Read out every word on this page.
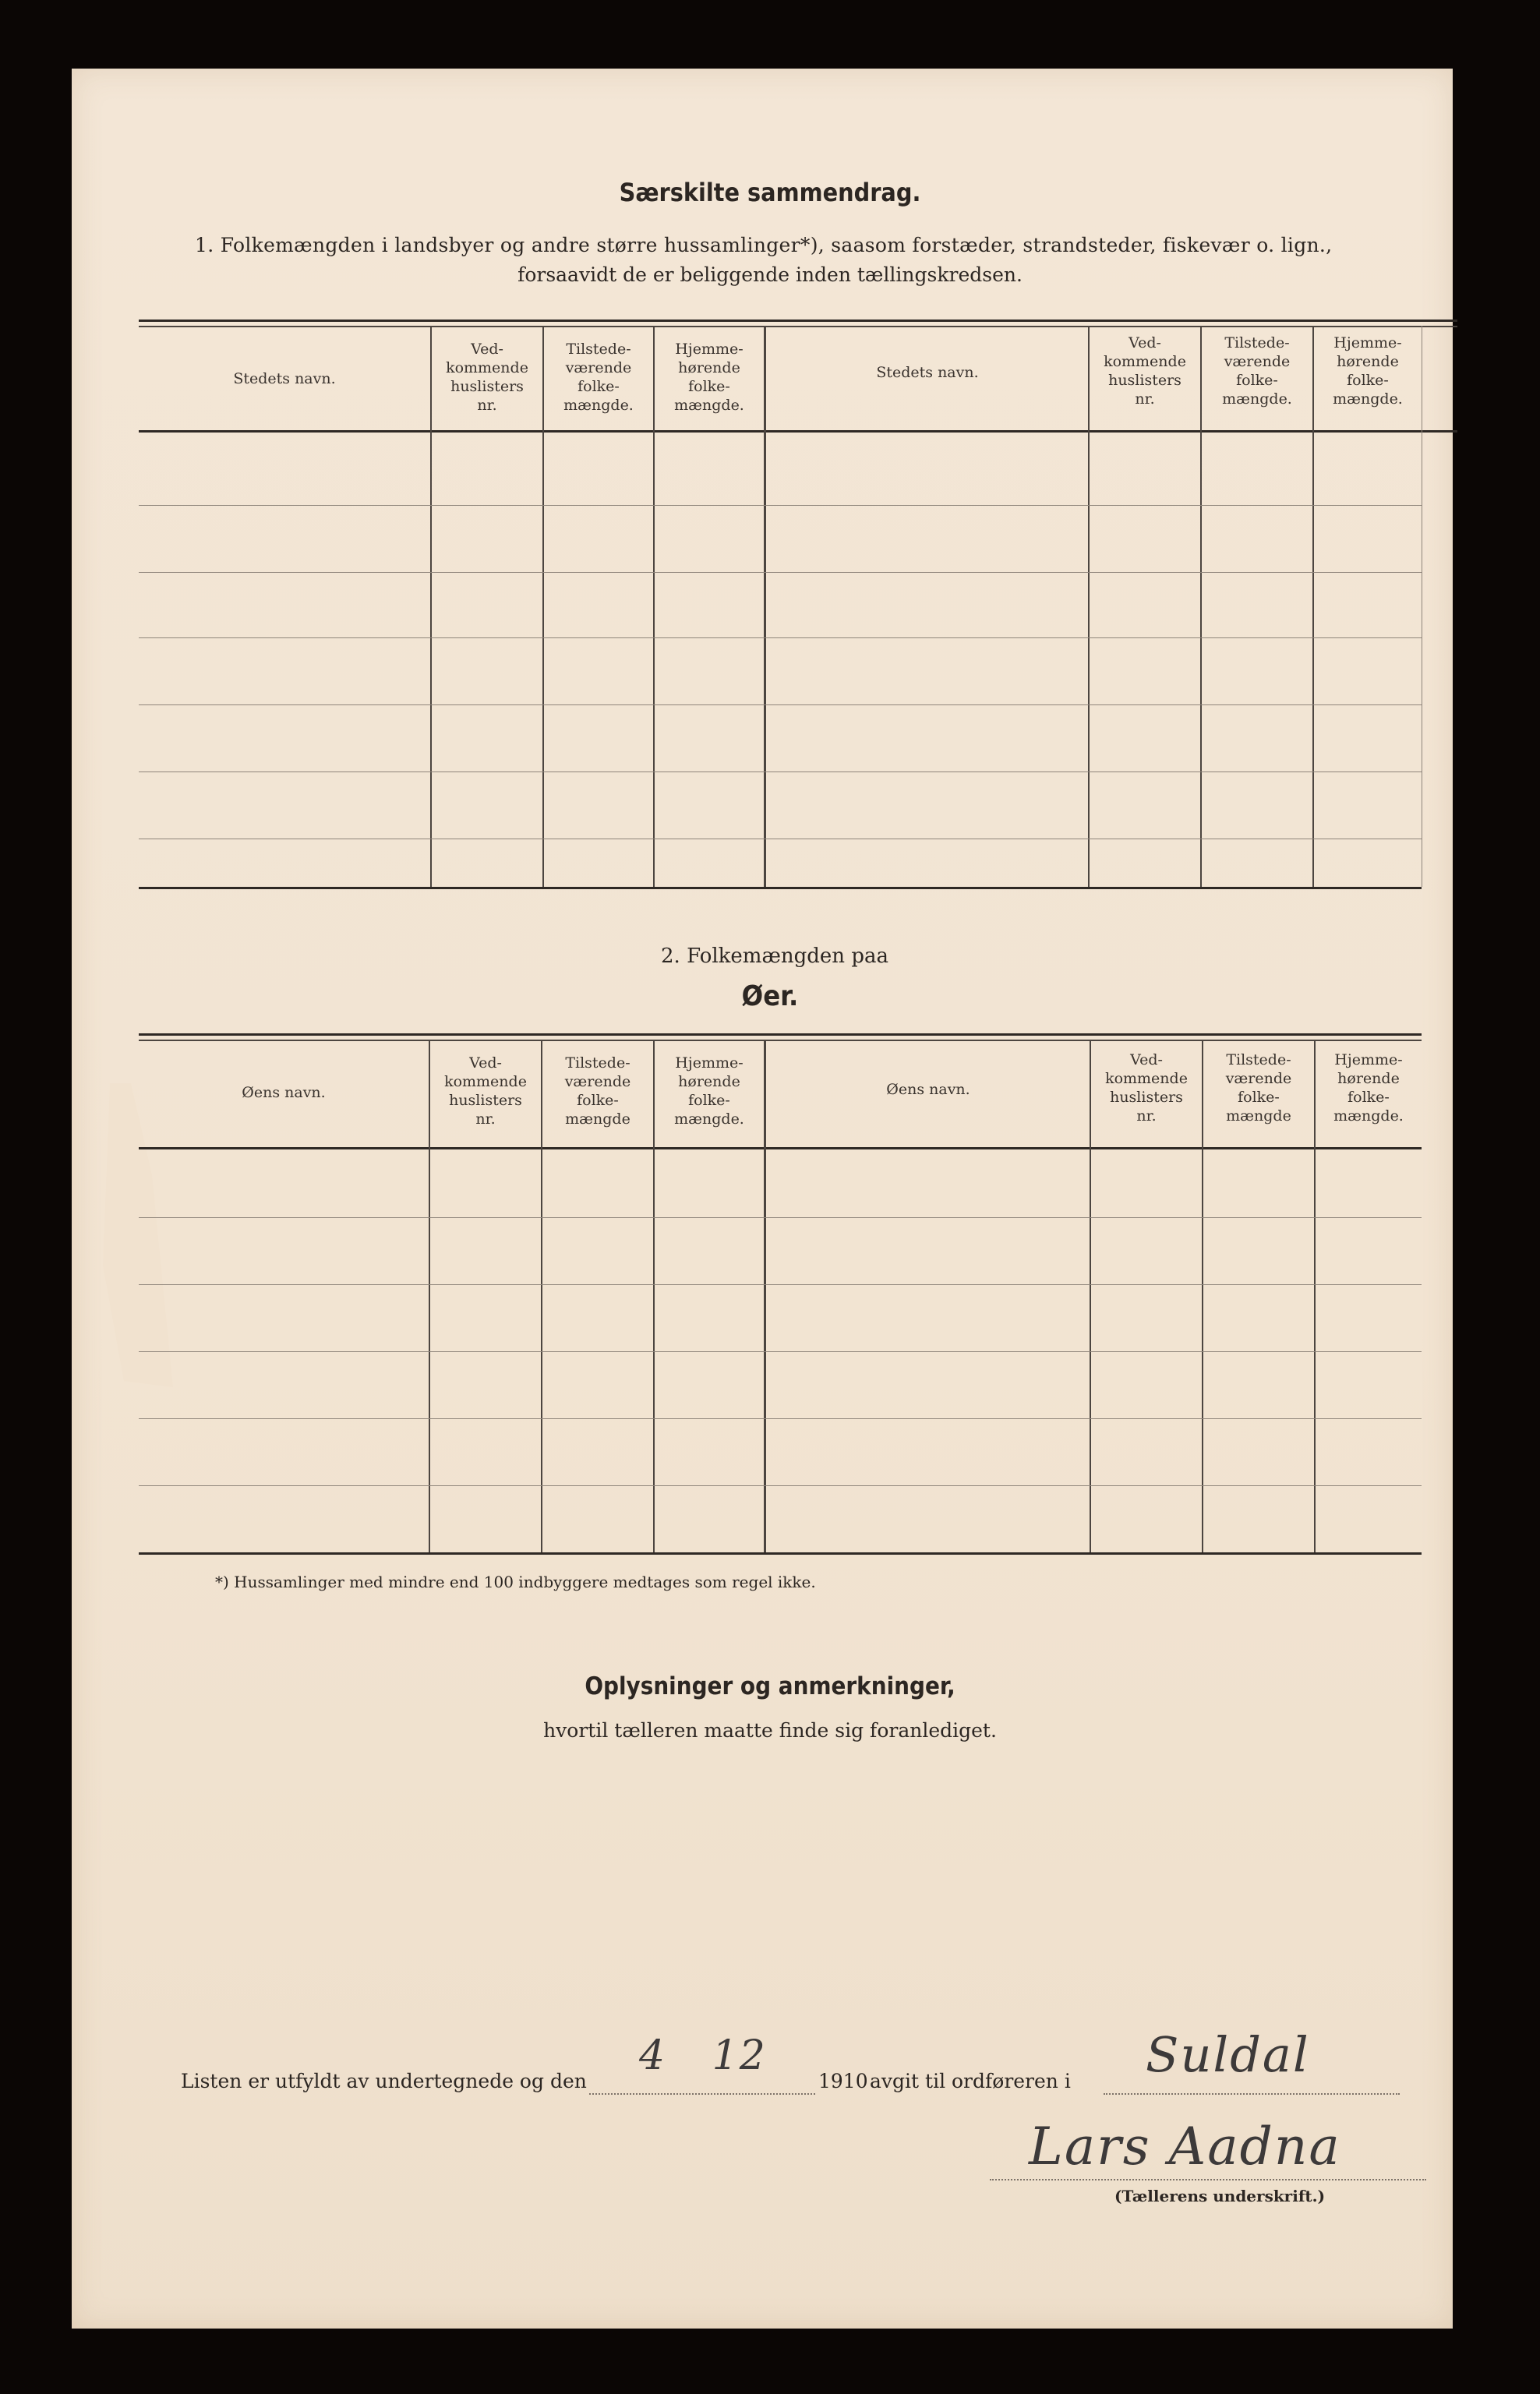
Særskilte sammendrag.
1. Folkemængden i landsbyer og andre større hussamlinger*), saasom forstæder, strandsteder, fiskevær o. lign.,
forsaavidt de er beliggende inden tællingskredsen.
Stedets navn.
Ved-
kommende
huslisters
nr.
Tilstede-
værende
folke-
mængde.
Hjemme-
hørende
folke-
mængde.
Stedets navn.
Ved-
kommende
huslisters
nr.
Tilstede-
værende
folke-
mængde.
Hjemme-
hørende
folke-
mængde.
2. Folkemængden paa
Øer.
Øens navn.
Ved-
kommende
huslisters
nr.
Tilstede-
værende
folke-
mængde
Hjemme-
hørende
folke-
mængde.
Øens navn.
Ved-
kommende
huslisters
nr.
Tilstede-
værende
folke-
mængde
Hjemme-
hørende
folke-
mængde.
*) Hussamlinger med mindre end 100 indbyggere medtages som regel ikke.
Oplysninger og anmerkninger,
hvortil tælleren maatte finde sig foranlediget.
Listen er utfyldt av undertegnede og den
4 12
1910 avgit til ordføreren i Suldal
Lars Aadna
(Tællerens underskrift.)
